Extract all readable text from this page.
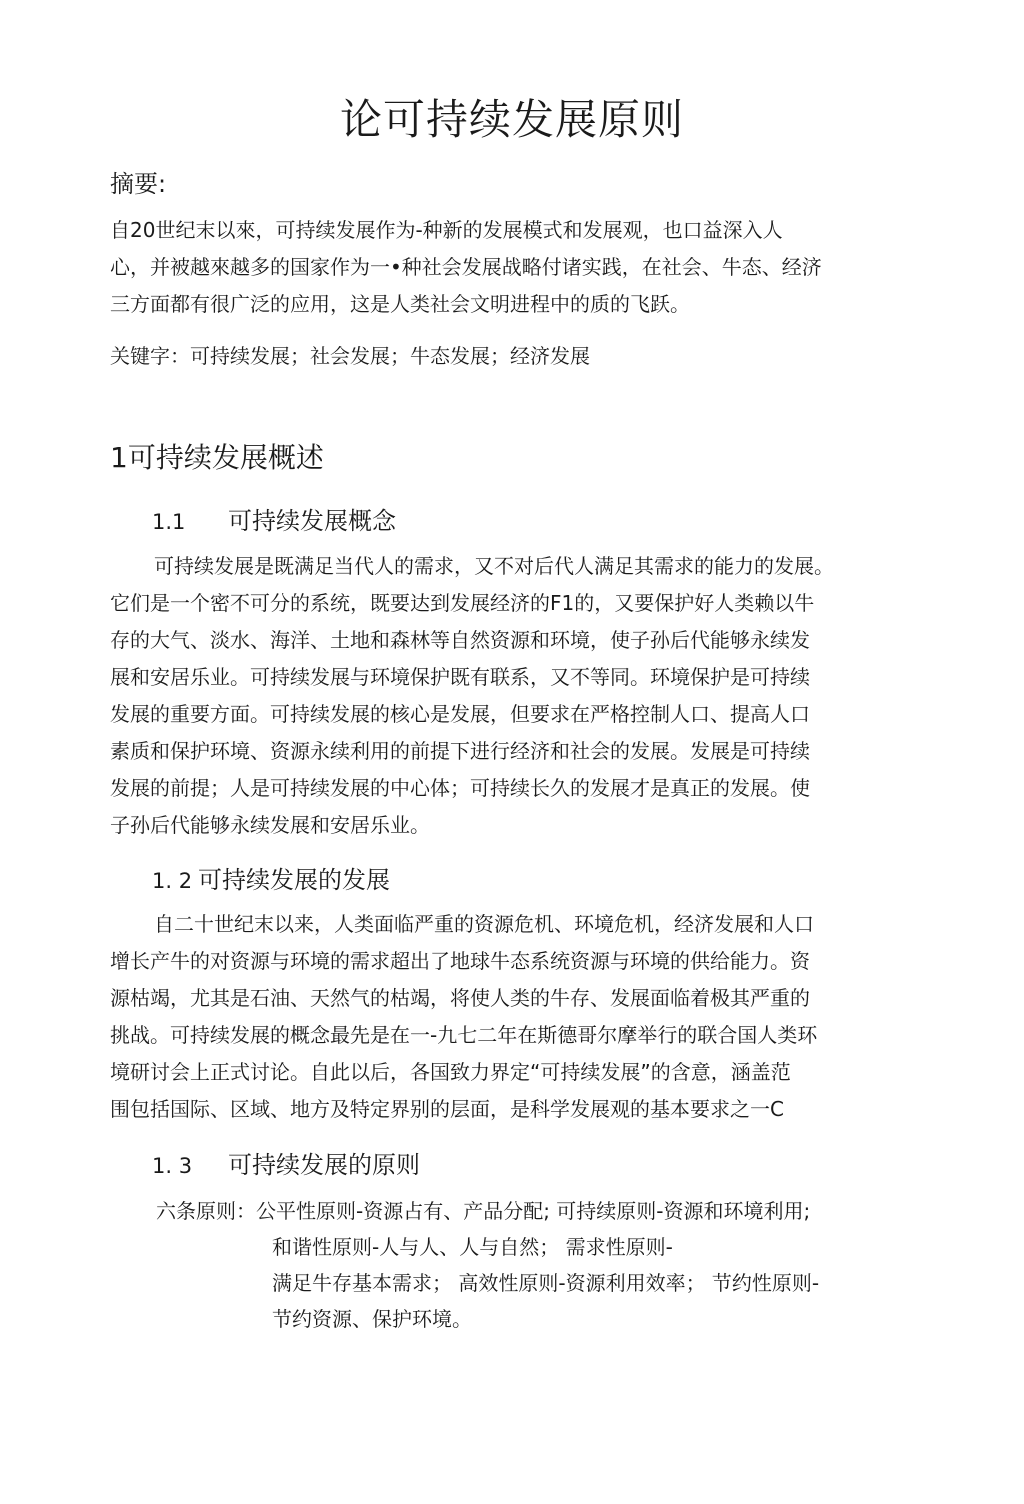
论可持续发展原则
摘要:
自20世纪末以來，可持续发展作为-种新的发展模式和发展观，也口益深入人
心，并被越來越多的国家作为一•种社会发展战略付诸实践，在社会、牛态、经济
三方面都有很广泛的应用，这是人类社会文明进程中的质的飞跃。
关键字：可持续发展；社会发展；牛态发展；经济发展
1可持续发展概述
1.1 可持续发展概念
可持续发展是既满足当代人的需求，又不对后代人满足其需求的能力的发展。
它们是一个密不可分的系统，既要达到发展经济的F1的，又要保护好人类赖以牛
存的大气、淡水、海洋、土地和森林等自然资源和环境，使子孙后代能够永续发
展和安居乐业。可持续发展与环境保护既有联系，又不等同。环境保护是可持续
发展的重要方面。可持续发展的核心是发展，但要求在严格控制人口、提高人口
素质和保护环境、资源永续利用的前提下进行经济和社会的发展。发展是可持续
发展的前提；人是可持续发展的中心体；可持续长久的发展才是真正的发展。使
子孙后代能够永续发展和安居乐业。
1. 2 可持续发展的发展
自二十世纪末以来，人类面临严重的资源危机、环境危机，经济发展和人口
增长产牛的对资源与环境的需求超出了地球牛态系统资源与环境的供给能力。资
源枯竭，尤其是石油、天然气的枯竭，将使人类的牛存、发展面临着极其严重的
挑战。可持续发展的概念最先是在一-九七二年在斯德哥尔摩举行的联合国人类环
境研讨会上正式讨论。自此以后，各国致力界定“可持续发展”的含意，涵盖范
围包括国际、区域、地方及特定界别的层面，是科学发展观的基本要求之一C
1. 3 可持续发展的原则
六条原则：公平性原则-资源占有、产品分配; 可持续原则-资源和环境利用;
和谐性原则-人与人、人与自然； 需求性原则-
满足牛存基本需求； 高效性原则-资源利用效率； 节约性原则-
节约资源、保护环境。
